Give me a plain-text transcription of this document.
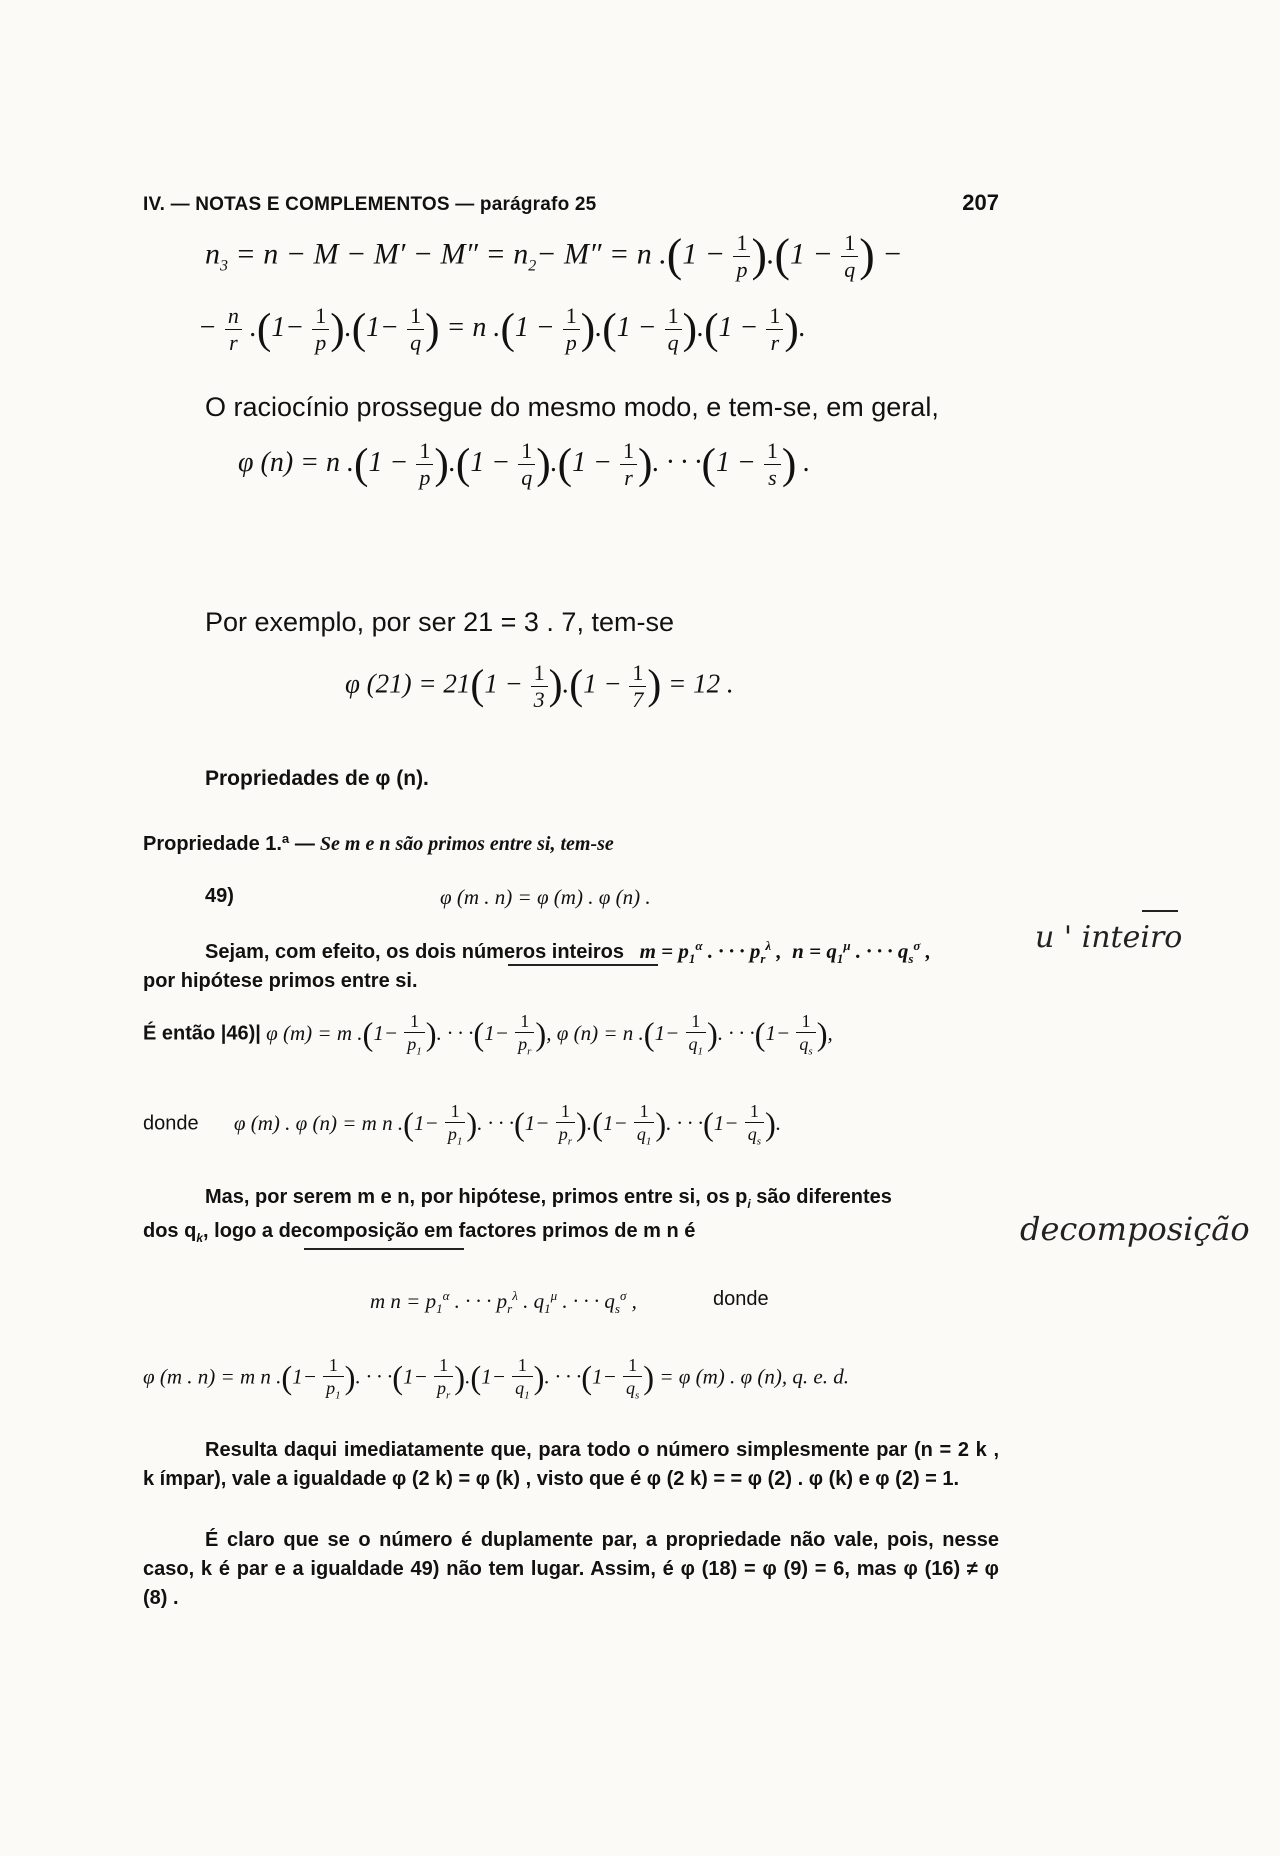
IV. — NOTAS E COMPLEMENTOS — parágrafo 25	207
$n_3 = n - M - M' - M'' = n_2- M'' = n$ $.(1 - \frac{1}{p} ).(1 - \frac{1}{q}$ ) −
− $\frac{n}{r} .(1- \frac{1}{p} ).(1- \frac{1}{q}$ ) = n $.(1 - \frac{1}{p} ).(1 - \frac{1}{q} ).(1 - \frac{1}{r}$ ).
O raciocínio prossegue do mesmo modo, e tem-se, em geral,
φ (n) = n $.(1 - \frac{1}{p} ).(1 - \frac{1}{q} ).(1 - \frac{1}{r}$ ). · · $\cdot(1 - \frac{1}{s}$ ) .
Por exemplo, por ser 21 = 3 . 7, tem-se
φ $(21) = 21(1 - \frac{1}{3} ).(1 - \frac{1}{7}$ ) = 12 .
Propriedades de φ (n).
Propriedade 1.ª — Se m e n são primos entre si, tem-se
49)	φ (m . n) = φ (m) . φ (n) .
Sejam, com efeito, os dois números inteiros $m = p_1^\alpha$ . · · · $p_r^\lambda$ ,  $n = q_1^\mu$ . · · · $q_s^\sigma$ ,
por hipótese primos entre si.
É então |46)| φ (m) = m $.(1- \frac{1}{p_1}$ ). · · $\cdot(1- \frac{1}{p_r}$ ), φ (n) = n $.(1- \frac{1}{q_1}$ ). · · $\cdot(1- \frac{1}{q_s}$ ),
donde φ (m) . φ (n) = m n $.(1- \frac{1}{p_1}$ ). · · $\cdot(1- \frac{1}{p_r} ).(1- \frac{1}{q_1}$ ). · · $\cdot(1- \frac{1}{q_s}$ ).
Mas, por serem m e n, por hipótese, primos entre si, os $p_i$ são diferentes
dos $q_k$, logo a decomposição em factores primos de m n é
m $n = p_1^\alpha$ . · · · $p_r^\lambda$ . $q_1^\mu$ . · · · $q_s^\sigma$ ,	donde
φ (m . n) = m n $.(1- \frac{1}{p_1}$ ). · · $\cdot(1- \frac{1}{p_r} ).(1- \frac{1}{q_1}$ ). · · $\cdot(1- \frac{1}{q_s}$ ) = φ (m) . φ (n), q. e. d.
Resulta daqui imediatamente que, para todo o número simplesmente par (n = 2 k , k ímpar), vale a igualdade φ (2 k) = φ (k) , visto que é φ (2 k) = = φ (2) . φ (k) e φ (2) = 1.
É claro que se o número é duplamente par, a propriedade não vale, pois, nesse caso, k é par e a igualdade 49) não tem lugar. Assim, é φ (18) = φ (9) = 6, mas φ (16) ≠ φ (8) .
u ' inteiro
decomposição
